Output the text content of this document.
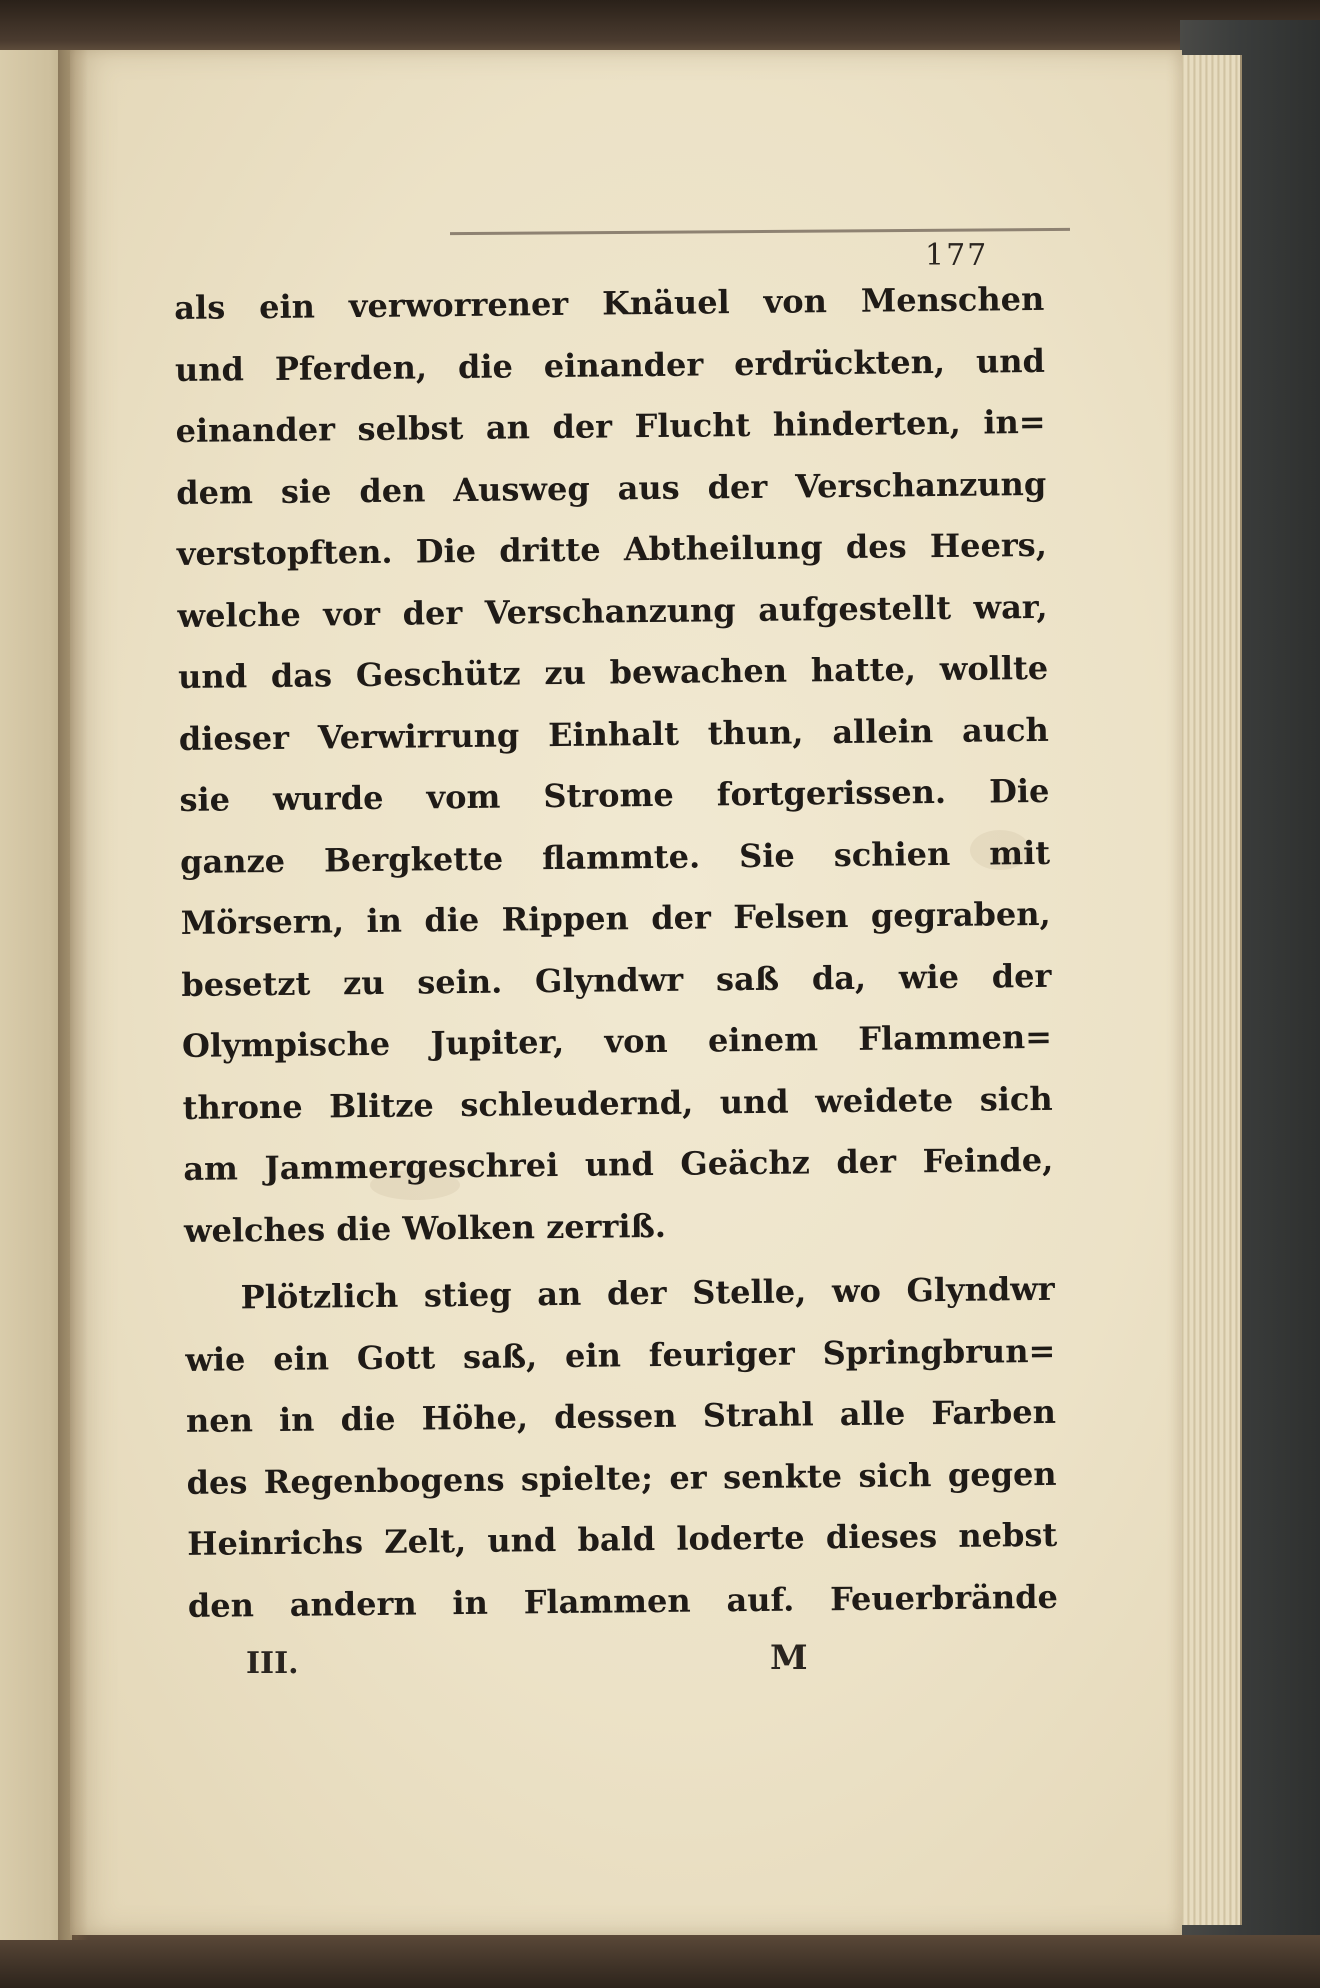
177
als ein verworrener Knäuel von Menschen
und Pferden, die einander erdrückten, und
einander selbst an der Flucht hinderten, in=
dem sie den Ausweg aus der Verschanzung
verstopften. Die dritte Abtheilung des Heers,
welche vor der Verschanzung aufgestellt war,
und das Geschütz zu bewachen hatte, wollte
dieser Verwirrung Einhalt thun, allein auch
sie wurde vom Strome fortgerissen. Die
ganze Bergkette flammte. Sie schien mit
Mörsern, in die Rippen der Felsen gegraben,
besetzt zu sein. Glyndwr saß da, wie der
Olympische Jupiter, von einem Flammen=
throne Blitze schleudernd, und weidete sich
am Jammergeschrei und Geächz der Feinde,
welches die Wolken zerriß.
Plötzlich stieg an der Stelle, wo Glyndwr
wie ein Gott saß, ein feuriger Springbrun=
nen in die Höhe, dessen Strahl alle Farben
des Regenbogens spielte; er senkte sich gegen
Heinrichs Zelt, und bald loderte dieses nebst
den andern in Flammen auf. Feuerbrände
III.	M
